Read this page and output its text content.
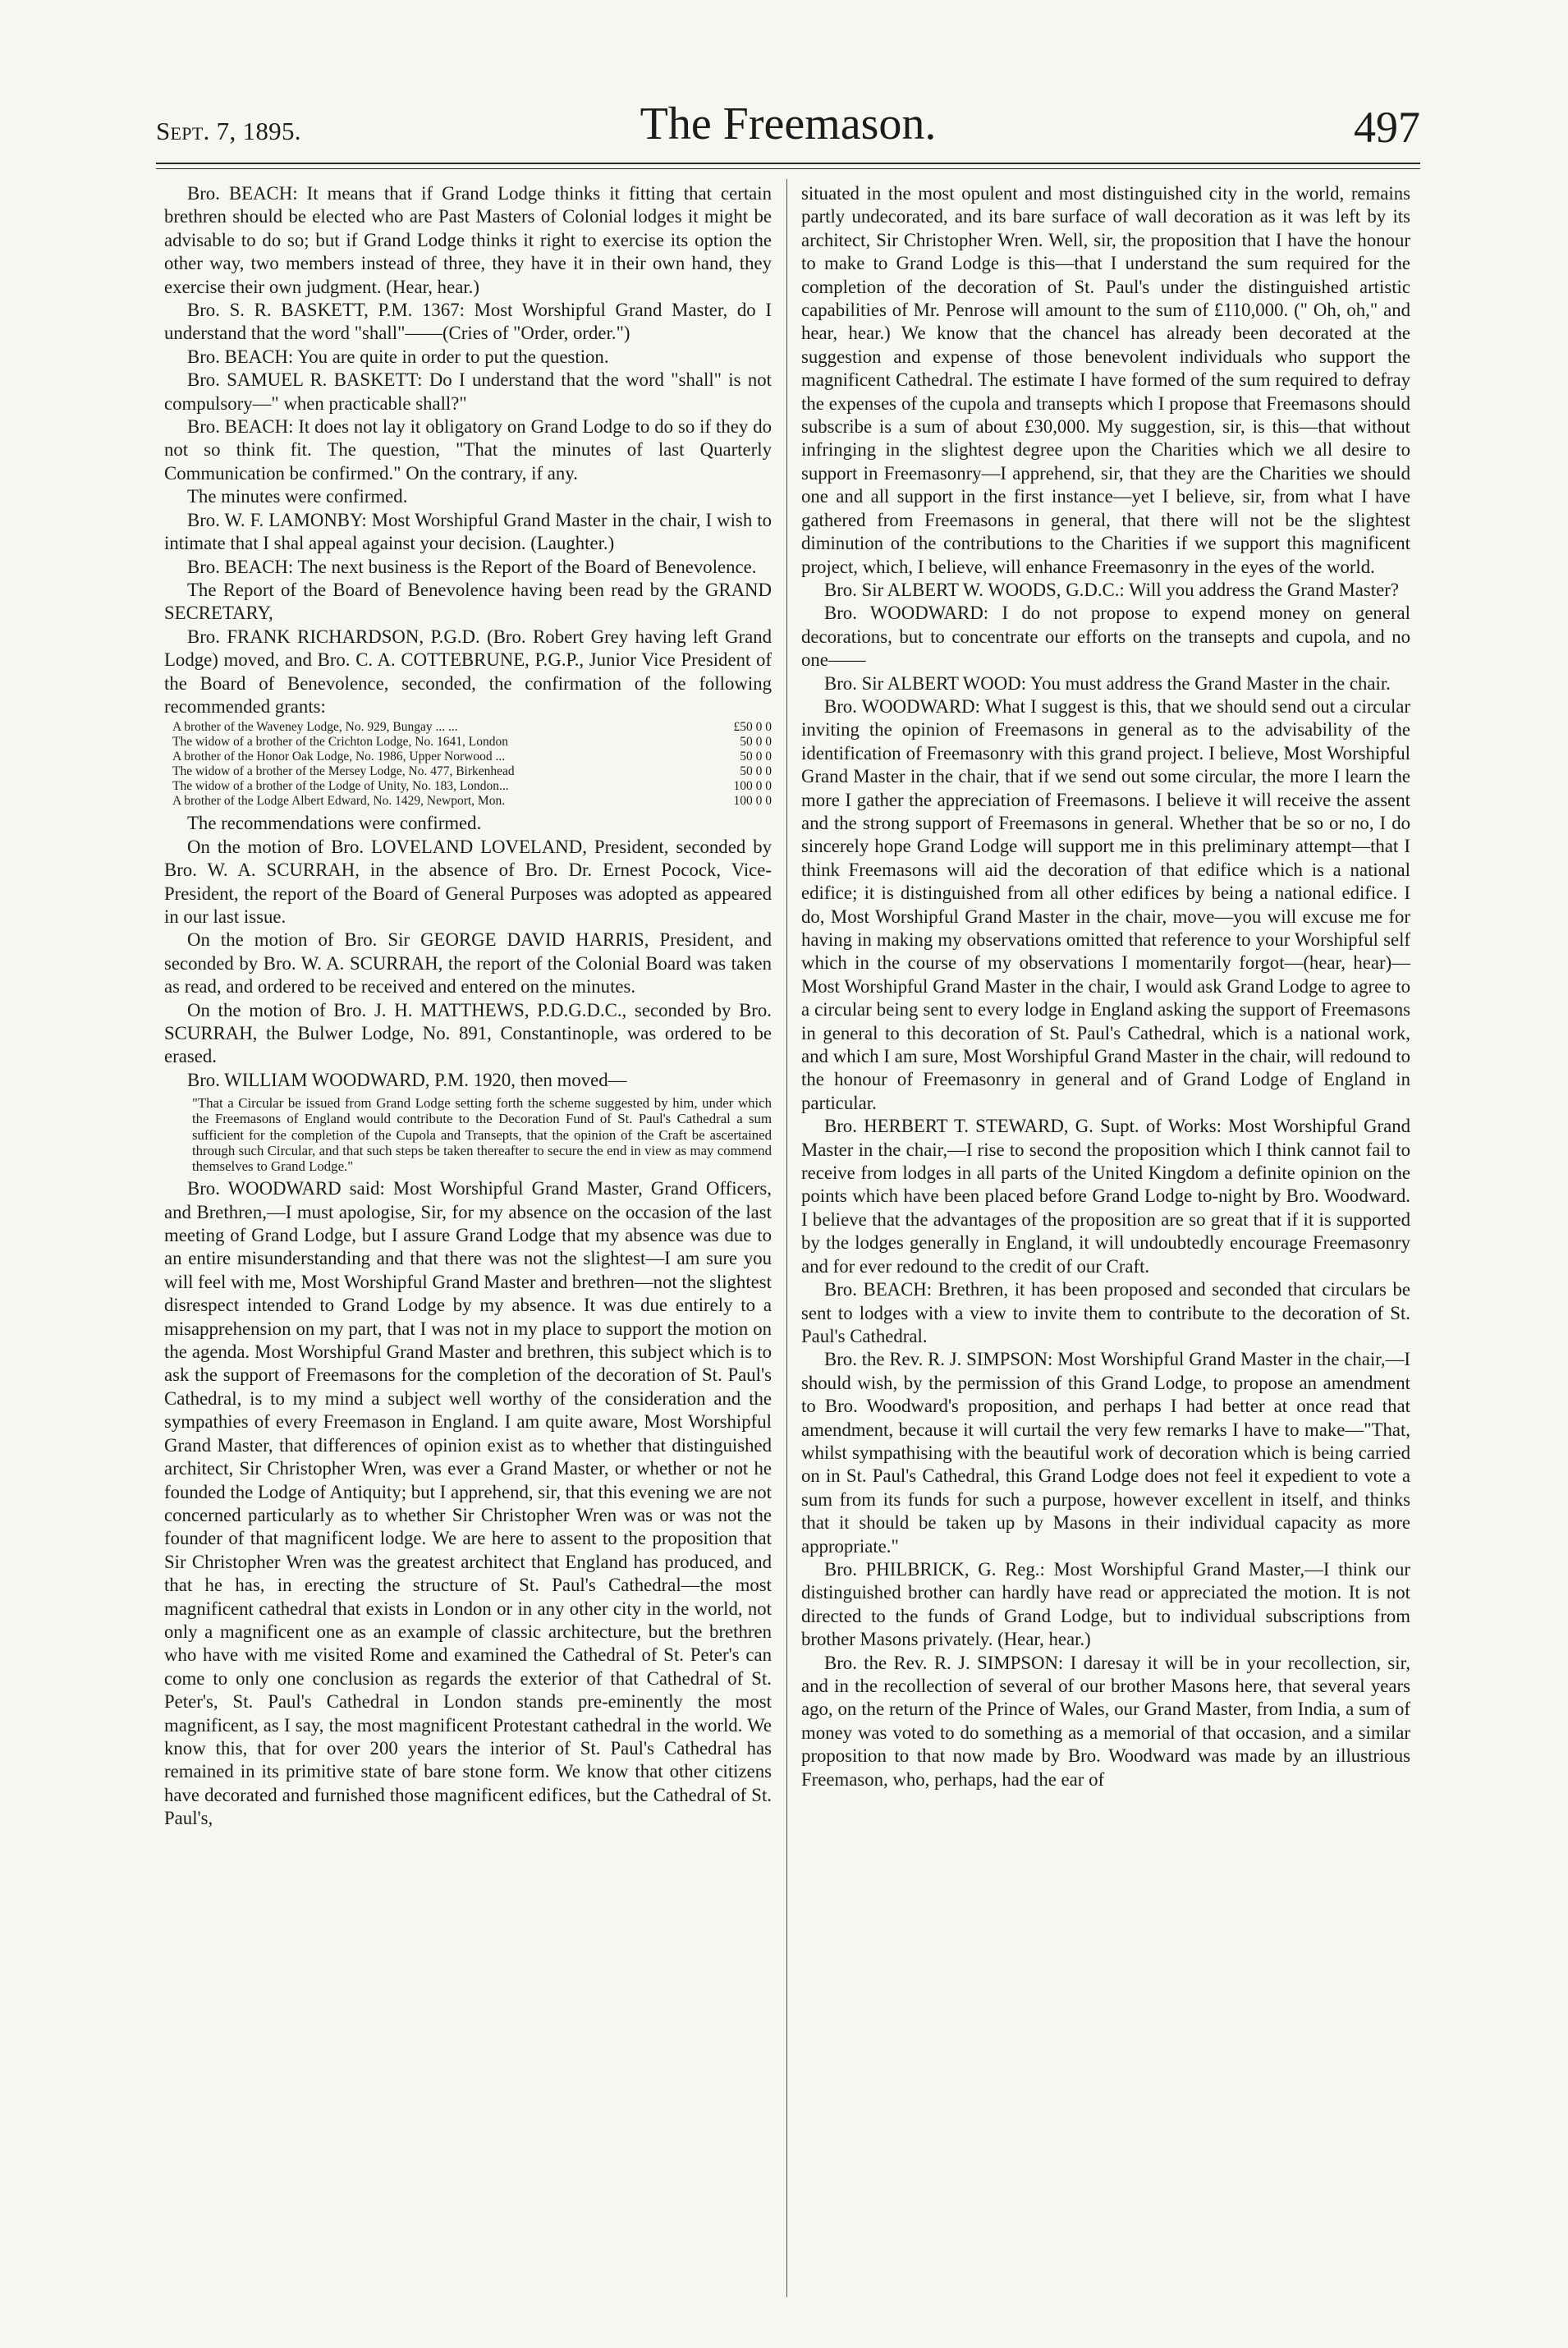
Sept. 7, 1895.	The Freemason.	497

Bro. BEACH: It means that if Grand Lodge thinks it fitting that certain brethren should be elected who are Past Masters of Colonial lodges it might be advisable to do so; but if Grand Lodge thinks it right to exercise its option the other way, two members instead of three, they have it in their own hand, they exercise their own judgment. (Hear, hear.)

Bro. S. R. BASKETT, P.M. 1367: Most Worshipful Grand Master, do I understand that the word "shall"——(Cries of "Order, order.")

Bro. BEACH: You are quite in order to put the question.

Bro. SAMUEL R. BASKETT: Do I understand that the word "shall" is not compulsory—" when practicable shall?"

Bro. BEACH: It does not lay it obligatory on Grand Lodge to do so if they do not so think fit. The question, "That the minutes of last Quarterly Communication be confirmed." On the contrary, if any.

The minutes were confirmed.

Bro. W. F. LAMONBY: Most Worshipful Grand Master in the chair, I wish to intimate that I shal appeal against your decision. (Laughter.)

Bro. BEACH: The next business is the Report of the Board of Benevolence.

The Report of the Board of Benevolence having been read by the GRAND SECRETARY,

Bro. FRANK RICHARDSON, P.G.D. (Bro. Robert Grey having left Grand Lodge) moved, and Bro. C. A. COTTEBRUNE, P.G.P., Junior Vice President of the Board of Benevolence, seconded, the confirmation of the following recommended grants:

A brother of the Waveney Lodge, No. 929, Bungay ... ...	£50 0 0
The widow of a brother of the Crichton Lodge, No. 1641, London	50 0 0
A brother of the Honor Oak Lodge, No. 1986, Upper Norwood ...	50 0 0
The widow of a brother of the Mersey Lodge, No. 477, Birkenhead	50 0 0
The widow of a brother of the Lodge of Unity, No. 183, London...	100 0 0
A brother of the Lodge Albert Edward, No. 1429, Newport, Mon.	100 0 0

The recommendations were confirmed.

On the motion of Bro. LOVELAND LOVELAND, President, seconded by Bro. W. A. SCURRAH, in the absence of Bro. Dr. Ernest Pocock, Vice-President, the report of the Board of General Purposes was adopted as appeared in our last issue.

On the motion of Bro. Sir GEORGE DAVID HARRIS, President, and seconded by Bro. W. A. SCURRAH, the report of the Colonial Board was taken as read, and ordered to be received and entered on the minutes.

On the motion of Bro. J. H. MATTHEWS, P.D.G.D.C., seconded by Bro. SCURRAH, the Bulwer Lodge, No. 891, Constantinople, was ordered to be erased.

Bro. WILLIAM WOODWARD, P.M. 1920, then moved—

"That a Circular be issued from Grand Lodge setting forth the scheme suggested by him, under which the Freemasons of England would contribute to the Decoration Fund of St. Paul's Cathedral a sum sufficient for the completion of the Cupola and Transepts, that the opinion of the Craft be ascertained through such Circular, and that such steps be taken thereafter to secure the end in view as may commend themselves to Grand Lodge."

Bro. WOODWARD said: Most Worshipful Grand Master, Grand Officers, and Brethren,—I must apologise, Sir, for my absence on the occasion of the last meeting of Grand Lodge, but I assure Grand Lodge that my absence was due to an entire misunderstanding and that there was not the slightest—I am sure you will feel with me, Most Worshipful Grand Master and brethren—not the slightest disrespect intended to Grand Lodge by my absence. It was due entirely to a misapprehension on my part, that I was not in my place to support the motion on the agenda. Most Worshipful Grand Master and brethren, this subject which is to ask the support of Freemasons for the completion of the decoration of St. Paul's Cathedral, is to my mind a subject well worthy of the consideration and the sympathies of every Freemason in England. I am quite aware, Most Worshipful Grand Master, that differences of opinion exist as to whether that distinguished architect, Sir Christopher Wren, was ever a Grand Master, or whether or not he founded the Lodge of Antiquity; but I apprehend, sir, that this evening we are not concerned particularly as to whether Sir Christopher Wren was or was not the founder of that magnificent lodge. We are here to assent to the proposition that Sir Christopher Wren was the greatest architect that England has produced, and that he has, in erecting the structure of St. Paul's Cathedral—the most magnificent cathedral that exists in London or in any other city in the world, not only a magnificent one as an example of classic architecture, but the brethren who have with me visited Rome and examined the Cathedral of St. Peter's can come to only one conclusion as regards the exterior of that Cathedral of St. Peter's, St. Paul's Cathedral in London stands pre-eminently the most magnificent, as I say, the most magnificent Protestant cathedral in the world. We know this, that for over 200 years the interior of St. Paul's Cathedral has remained in its primitive state of bare stone form. We know that other citizens have decorated and furnished those magnificent edifices, but the Cathedral of St. Paul's,

situated in the most opulent and most distinguished city in the world, remains partly undecorated, and its bare surface of wall decoration as it was left by its architect, Sir Christopher Wren. Well, sir, the proposition that I have the honour to make to Grand Lodge is this—that I understand the sum required for the completion of the decoration of St. Paul's under the distinguished artistic capabilities of Mr. Penrose will amount to the sum of £110,000. (" Oh, oh," and hear, hear.) We know that the chancel has already been decorated at the suggestion and expense of those benevolent individuals who support the magnificent Cathedral. The estimate I have formed of the sum required to defray the expenses of the cupola and transepts which I propose that Freemasons should subscribe is a sum of about £30,000. My suggestion, sir, is this—that without infringing in the slightest degree upon the Charities which we all desire to support in Freemasonry—I apprehend, sir, that they are the Charities we should one and all support in the first instance—yet I believe, sir, from what I have gathered from Freemasons in general, that there will not be the slightest diminution of the contributions to the Charities if we support this magnificent project, which, I believe, will enhance Freemasonry in the eyes of the world.

Bro. Sir ALBERT W. WOODS, G.D.C.: Will you address the Grand Master?

Bro. WOODWARD: I do not propose to expend money on general decorations, but to concentrate our efforts on the transepts and cupola, and no one——

Bro. Sir ALBERT WOOD: You must address the Grand Master in the chair.

Bro. WOODWARD: What I suggest is this, that we should send out a circular inviting the opinion of Freemasons in general as to the advisability of the identification of Freemasonry with this grand project. I believe, Most Worshipful Grand Master in the chair, that if we send out some circular, the more I learn the more I gather the appreciation of Freemasons. I believe it will receive the assent and the strong support of Freemasons in general. Whether that be so or no, I do sincerely hope Grand Lodge will support me in this preliminary attempt—that I think Freemasons will aid the decoration of that edifice which is a national edifice; it is distinguished from all other edifices by being a national edifice. I do, Most Worshipful Grand Master in the chair, move—you will excuse me for having in making my observations omitted that reference to your Worshipful self which in the course of my observations I momentarily forgot—(hear, hear)—Most Worshipful Grand Master in the chair, I would ask Grand Lodge to agree to a circular being sent to every lodge in England asking the support of Freemasons in general to this decoration of St. Paul's Cathedral, which is a national work, and which I am sure, Most Worshipful Grand Master in the chair, will redound to the honour of Freemasonry in general and of Grand Lodge of England in particular.

Bro. HERBERT T. STEWARD, G. Supt. of Works: Most Worshipful Grand Master in the chair,—I rise to second the proposition which I think cannot fail to receive from lodges in all parts of the United Kingdom a definite opinion on the points which have been placed before Grand Lodge to-night by Bro. Woodward. I believe that the advantages of the proposition are so great that if it is supported by the lodges generally in England, it will undoubtedly encourage Freemasonry and for ever redound to the credit of our Craft.

Bro. BEACH: Brethren, it has been proposed and seconded that circulars be sent to lodges with a view to invite them to contribute to the decoration of St. Paul's Cathedral.

Bro. the Rev. R. J. SIMPSON: Most Worshipful Grand Master in the chair,—I should wish, by the permission of this Grand Lodge, to propose an amendment to Bro. Woodward's proposition, and perhaps I had better at once read that amendment, because it will curtail the very few remarks I have to make—"That, whilst sympathising with the beautiful work of decoration which is being carried on in St. Paul's Cathedral, this Grand Lodge does not feel it expedient to vote a sum from its funds for such a purpose, however excellent in itself, and thinks that it should be taken up by Masons in their individual capacity as more appropriate."

Bro. PHILBRICK, G. Reg.: Most Worshipful Grand Master,—I think our distinguished brother can hardly have read or appreciated the motion. It is not directed to the funds of Grand Lodge, but to individual subscriptions from brother Masons privately. (Hear, hear.)

Bro. the Rev. R. J. SIMPSON: I daresay it will be in your recollection, sir, and in the recollection of several of our brother Masons here, that several years ago, on the return of the Prince of Wales, our Grand Master, from India, a sum of money was voted to do something as a memorial of that occasion, and a similar proposition to that now made by Bro. Woodward was made by an illustrious Freemason, who, perhaps, had the ear of
